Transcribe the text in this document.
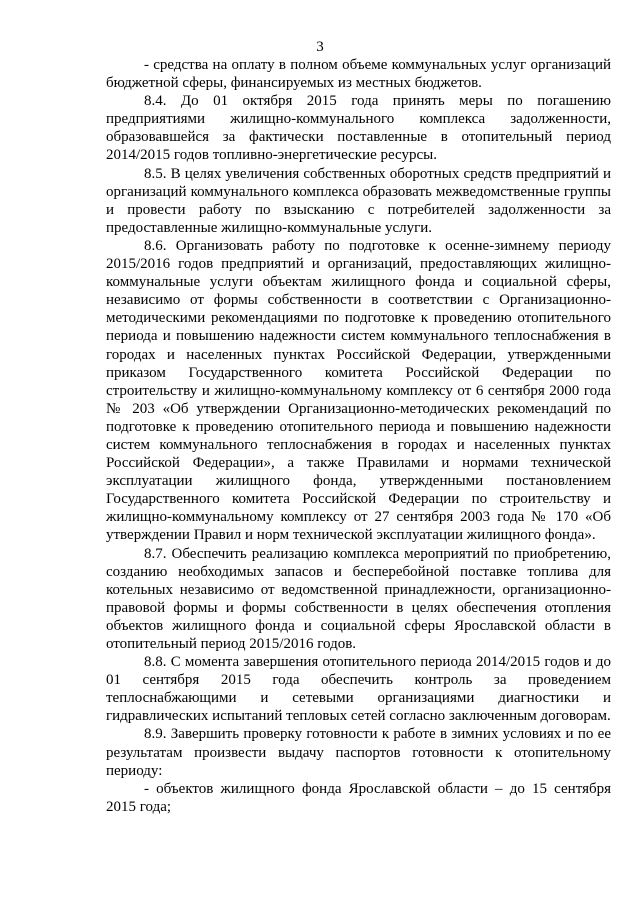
3

- средства на оплату в полном объеме коммунальных услуг организаций бюджетной сферы, финансируемых из местных бюджетов.

8.4. До 01 октября 2015 года принять меры по погашению предприятиями жилищно-коммунального комплекса задолженности, образовавшейся за фактически поставленные в отопительный период 2014/2015 годов топливно-энергетические ресурсы.

8.5. В целях увеличения собственных оборотных средств предприятий и организаций коммунального комплекса образовать межведомственные группы и провести работу по взысканию с потребителей задолженности за предоставленные жилищно-коммунальные услуги.

8.6. Организовать работу по подготовке к осенне-зимнему периоду 2015/2016 годов предприятий и организаций, предоставляющих жилищно-коммунальные услуги объектам жилищного фонда и социальной сферы, независимо от формы собственности в соответствии с Организационно-методическими рекомендациями по подготовке к проведению отопительного периода и повышению надежности систем коммунального теплоснабжения в городах и населенных пунктах Российской Федерации, утвержденными приказом Государственного комитета Российской Федерации по строительству и жилищно-коммунальному комплексу от 6 сентября 2000 года № 203 «Об утверждении Организационно-методических рекомендаций по подготовке к проведению отопительного периода и повышению надежности систем коммунального теплоснабжения в городах и населенных пунктах Российской Федерации», а также Правилами и нормами технической эксплуатации жилищного фонда, утвержденными постановлением Государственного комитета Российской Федерации по строительству и жилищно-коммунальному комплексу от 27 сентября 2003 года № 170 «Об утверждении Правил и норм технической эксплуатации жилищного фонда».

8.7. Обеспечить реализацию комплекса мероприятий по приобретению, созданию необходимых запасов и бесперебойной поставке топлива для котельных независимо от ведомственной принадлежности, организационно-правовой формы и формы собственности в целях обеспечения отопления объектов жилищного фонда и социальной сферы Ярославской области в отопительный период 2015/2016 годов.

8.8. С момента завершения отопительного периода 2014/2015 годов и до 01 сентября 2015 года обеспечить контроль за проведением теплоснабжающими и сетевыми организациями диагностики и гидравлических испытаний тепловых сетей согласно заключенным договорам.

8.9. Завершить проверку готовности к работе в зимних условиях и по ее результатам произвести выдачу паспортов готовности к отопительному периоду:

- объектов жилищного фонда Ярославской области – до 15 сентября 2015 года;
